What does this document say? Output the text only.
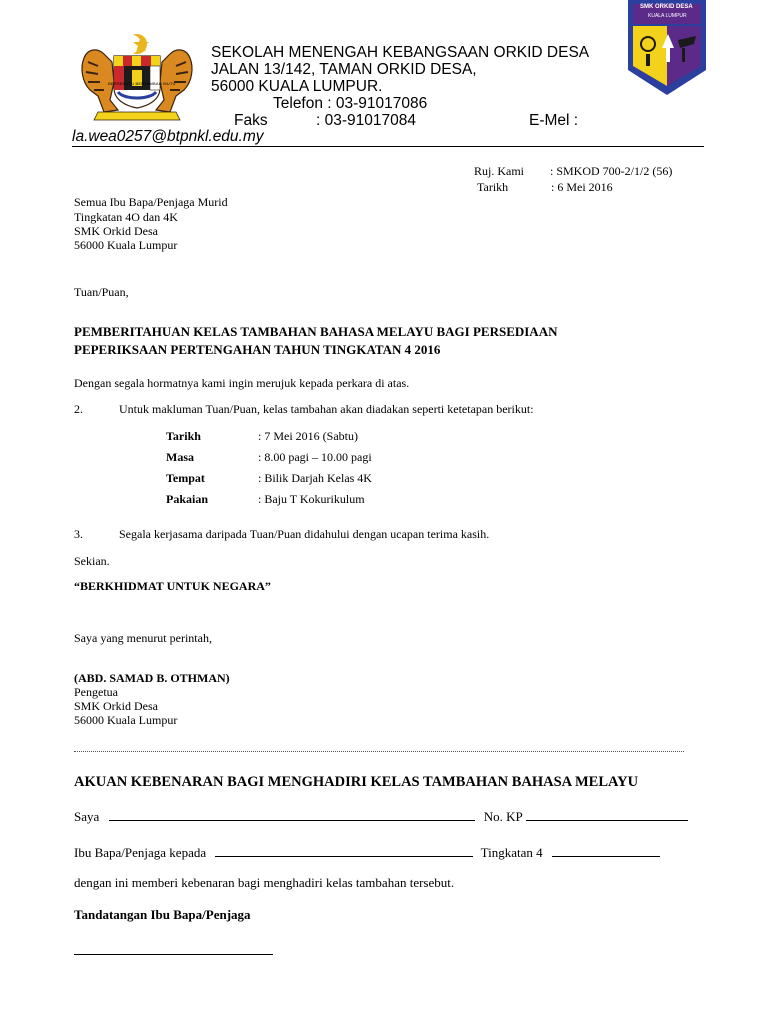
BERSEKUTU BERTAMBAH MUTU
SMK ORKID DESA
KUALA LUMPUR
SEKOLAH MENENGAH KEBANGSAAN ORKID DESA
JALAN 13/142, TAMAN ORKID DESA,
56000 KUALA LUMPUR.
Telefon : 03-91017086
Faks	: 03-91017084	E-Mel :
la.wea0257@btpnkl.edu.my
Ruj. Kami : SMKOD 700-2/1/2 (56)
Tarikh	: 6 Mei 2016
Semua Ibu Bapa/Penjaga Murid
Tingkatan 4O dan 4K
SMK Orkid Desa
56000 Kuala Lumpur
Tuan/Puan,
PEMBERITAHUAN KELAS TAMBAHAN BAHASA MELAYU BAGI PERSEDIAAN
PEPERIKSAAN PERTENGAHAN TAHUN TINGKATAN 4 2016
Dengan segala hormatnya kami ingin merujuk kepada perkara di atas.
2.	Untuk makluman Tuan/Puan, kelas tambahan akan diadakan seperti ketetapan berikut:
Tarikh	: 7 Mei 2016 (Sabtu)
Masa	: 8.00 pagi – 10.00 pagi
Tempat	: Bilik Darjah Kelas 4K
Pakaian	: Baju T Kokurikulum
3.	Segala kerjasama daripada Tuan/Puan didahului dengan ucapan terima kasih.
Sekian.
“BERKHIDMAT UNTUK NEGARA”
Saya yang menurut perintah,
(ABD. SAMAD B. OTHMAN)
Pengetua
SMK Orkid Desa
56000 Kuala Lumpur
AKUAN KEBENARAN BAGI MENGHADIRI KELAS TAMBAHAN BAHASA MELAYU
Saya	No. KP
Ibu Bapa/Penjaga kepada	Tingkatan 4
dengan ini memberi kebenaran bagi menghadiri kelas tambahan tersebut.
Tandatangan Ibu Bapa/Penjaga
